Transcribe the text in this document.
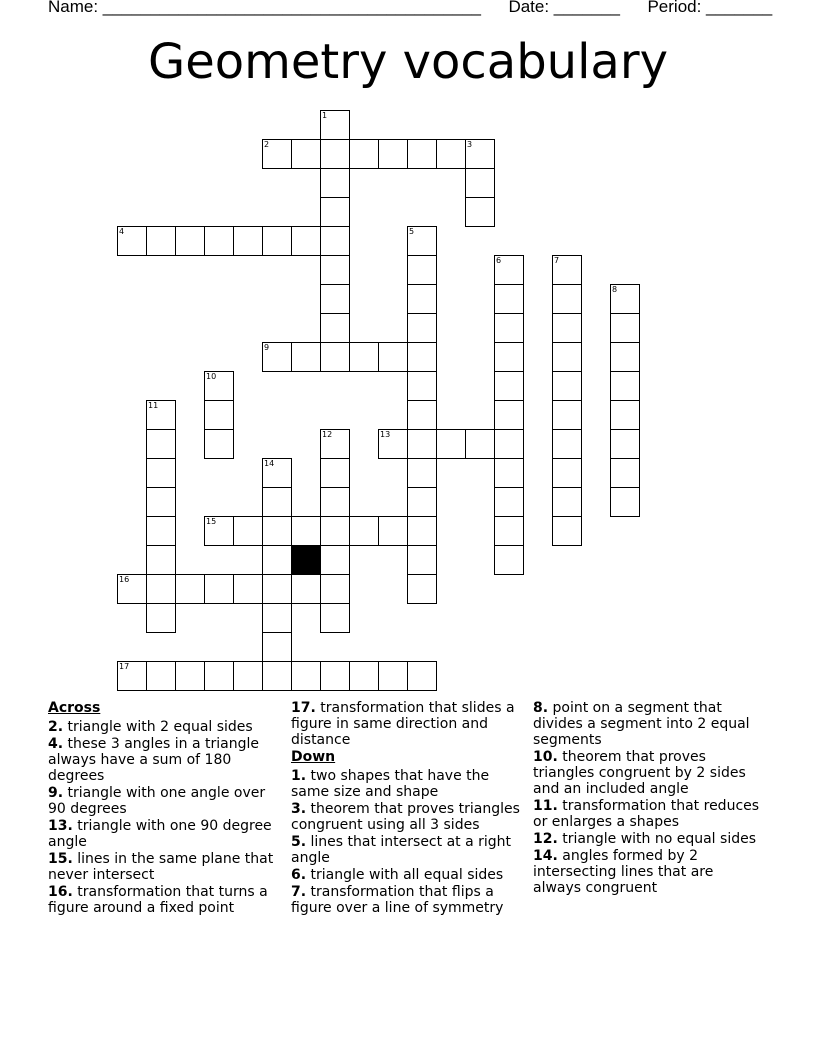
Name: ________________________________________ Date: _______ Period: _______
Geometry vocabulary
1
2	3
4	5
6	7
8
9
10
11
12	13
14
15
16
17
Across
2. triangle with 2 equal sides
4. these 3 angles in a triangle always have a sum of 180 degrees
9. triangle with one angle over 90 degrees
13. triangle with one 90 degree angle
15. lines in the same plane that never intersect
16. transformation that turns a figure around a fixed point
17. transformation that slides a figure in same direction and distance
Down
1. two shapes that have the same size and shape
3. theorem that proves triangles congruent using all 3 sides
5. lines that intersect at a right angle
6. triangle with all equal sides
7. transformation that flips a figure over a line of symmetry
8. point on a segment that divides a segment into 2 equal segments
10. theorem that proves triangles congruent by 2 sides and an included angle
11. transformation that reduces or enlarges a shapes
12. triangle with no equal sides
14. angles formed by 2 intersecting lines that are always congruent
